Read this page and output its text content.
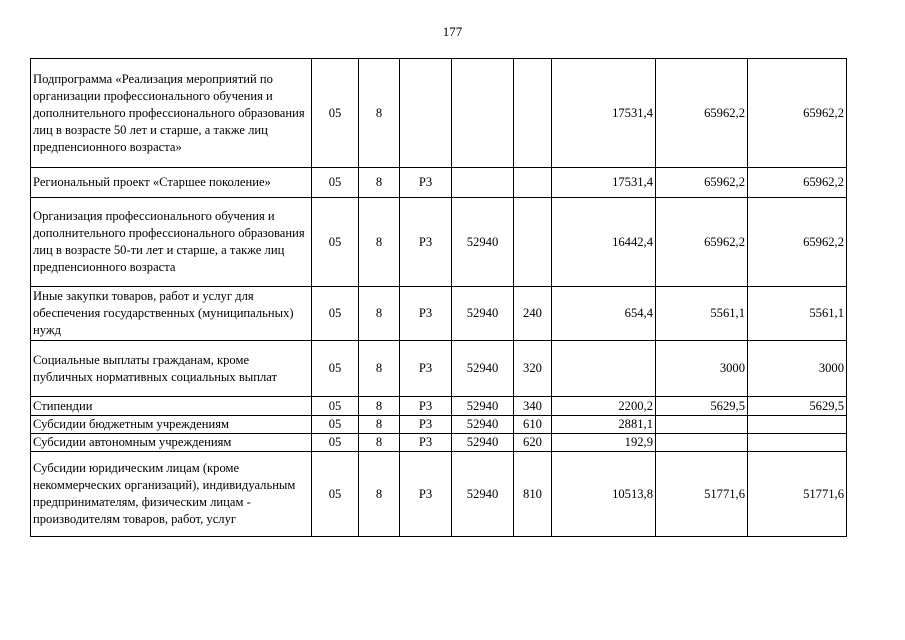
177
Подпрограмма «Реализация мероприятий по организации профессионального обучения и дополнительного профессионального образования лиц в возрасте 50 лет и старше, а также лиц предпенсионного возраста»	05	8				17531,4	65962,2	65962,2
Региональный проект «Старшее поколение»	05	8	P3			17531,4	65962,2	65962,2
Организация профессионального обучения и дополнительного профессионального образования лиц в возрасте 50-ти лет и старше, а также лиц предпенсионного возраста	05	8	P3	52940		16442,4	65962,2	65962,2
Иные закупки товаров, работ и услуг для обеспечения государственных (муниципальных) нужд	05	8	P3	52940	240	654,4	5561,1	5561,1
Социальные выплаты гражданам, кроме публичных нормативных социальных выплат	05	8	P3	52940	320		3000	3000
Стипендии	05	8	P3	52940	340	2200,2	5629,5	5629,5
Субсидии бюджетным учреждениям	05	8	P3	52940	610	2881,1		
Субсидии автономным учреждениям	05	8	P3	52940	620	192,9		
Субсидии юридическим лицам (кроме некоммерческих организаций), индивидуальным предпринимателям, физическим лицам - производителям товаров, работ, услуг	05	8	P3	52940	810	10513,8	51771,6	51771,6
